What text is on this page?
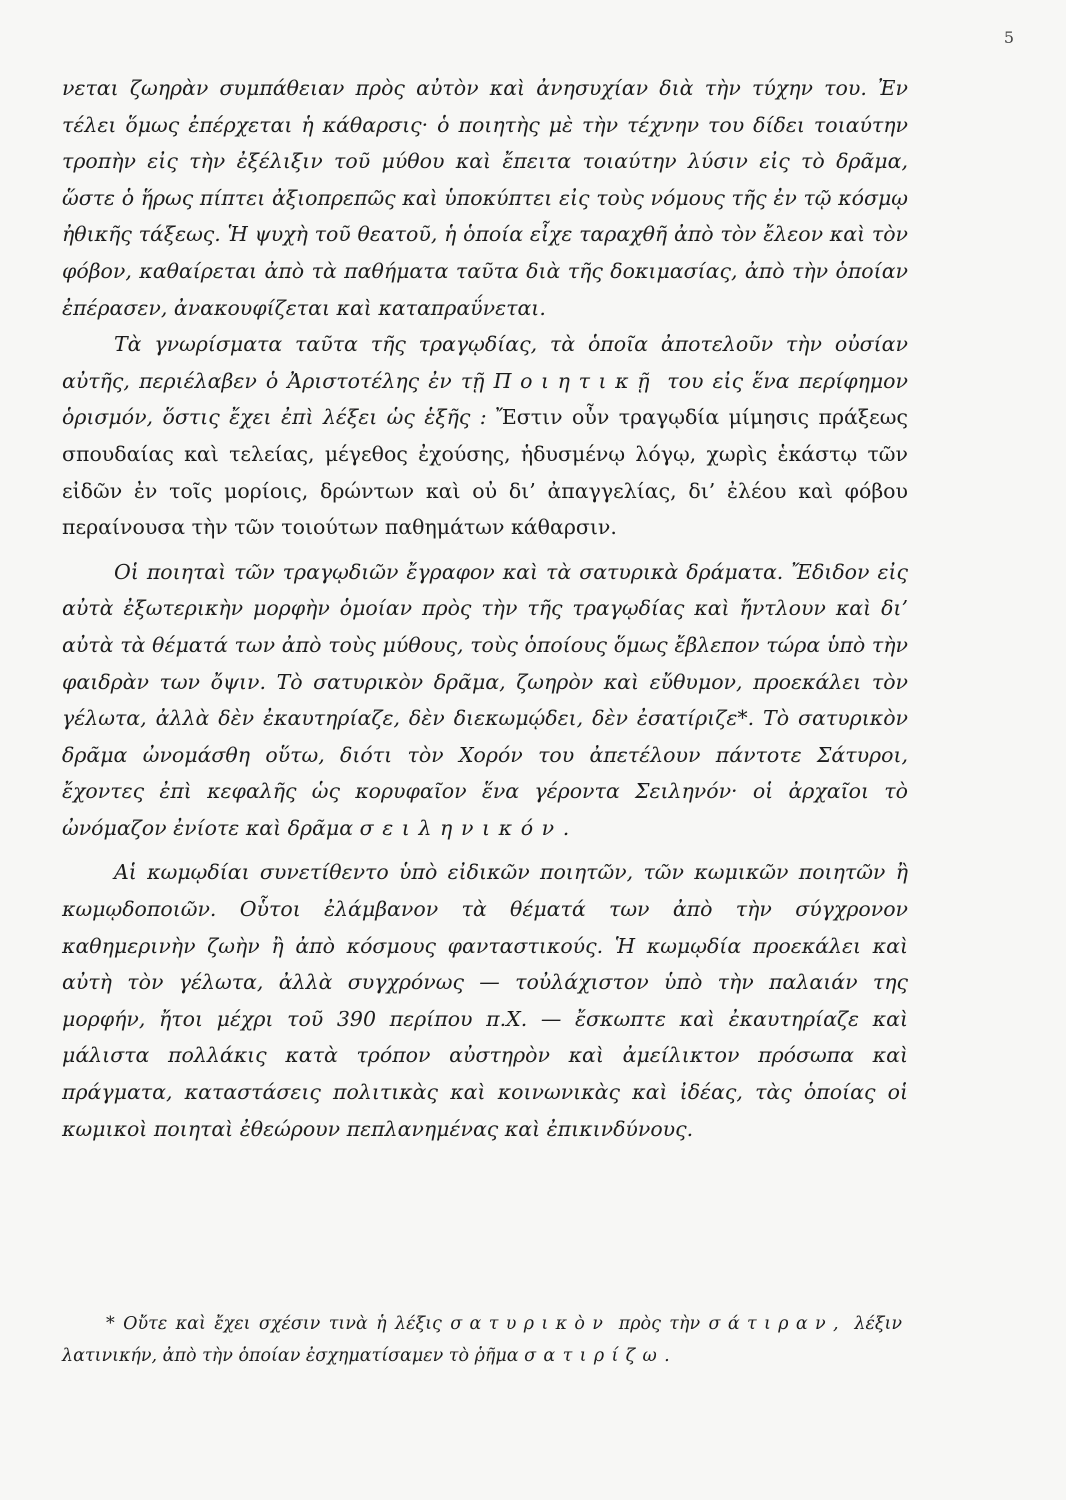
5

νεται ζωηρὰν συμπάθειαν πρὸς αὐτὸν καὶ ἀνησυχίαν διὰ τὴν τύχην του. Ἐν τέλει ὅμως ἐπέρχεται ἡ κάθαρσις· ὁ ποιητὴς μὲ τὴν τέχνην του δίδει τοιαύτην τροπὴν εἰς τὴν ἐξέλιξιν τοῦ μύθου καὶ ἔπειτα τοιαύτην λύσιν εἰς τὸ δρᾶμα, ὥστε ὁ ἥρως πίπτει ἀξιοπρεπῶς καὶ ὑποκύπτει εἰς τοὺς νόμους τῆς ἐν τῷ κόσμῳ ἠθικῆς τάξεως. Ἡ ψυχὴ τοῦ θεατοῦ, ἡ ὁποία εἶχε ταραχθῆ ἀπὸ τὸν ἔλεον καὶ τὸν φόβον, καθαίρεται ἀπὸ τὰ παθήματα ταῦτα διὰ τῆς δοκιμασίας, ἀπὸ τὴν ὁποίαν ἐπέρασεν, ἀνακουφίζεται καὶ καταπραΰνεται.

Τὰ γνωρίσματα ταῦτα τῆς τραγῳδίας, τὰ ὁποῖα ἀποτελοῦν τὴν οὐσίαν αὐτῆς, περιέλαβεν ὁ Ἀριστοτέλης ἐν τῇ Ποιητικῇ του εἰς ἕνα περίφημον ὁρισμόν, ὅστις ἔχει ἐπὶ λέξει ὡς ἑξῆς : Ἔστιν οὖν τραγῳδία μίμησις πράξεως σπουδαίας καὶ τελείας, μέγεθος ἐχούσης, ἡδυσμένῳ λόγῳ, χωρὶς ἑκάστῳ τῶν εἰδῶν ἐν τοῖς μορίοις, δρώντων καὶ οὐ δι’ ἀπαγγελίας, δι’ ἐλέου καὶ φόβου περαίνουσα τὴν τῶν τοιούτων παθημάτων κάθαρσιν.

Οἱ ποιηταὶ τῶν τραγῳδιῶν ἔγραφον καὶ τὰ σατυρικὰ δράματα. Ἔδιδον εἰς αὐτὰ ἐξωτερικὴν μορφὴν ὁμοίαν πρὸς τὴν τῆς τραγῳδίας καὶ ἤντλουν καὶ δι’ αὐτὰ τὰ θέματά των ἀπὸ τοὺς μύθους, τοὺς ὁποίους ὅμως ἔβλεπον τώρα ὑπὸ τὴν φαιδρὰν των ὄψιν. Τὸ σατυρικὸν δρᾶμα, ζωηρὸν καὶ εὔθυμον, προεκάλει τὸν γέλωτα, ἀλλὰ δὲν ἐκαυτηρίαζε, δὲν διεκωμῴδει, δὲν ἐσατίριζε*. Τὸ σατυρικὸν δρᾶμα ὠνομάσθη οὕτω, διότι τὸν Χορόν του ἀπετέλουν πάντοτε Σάτυροι, ἔχοντες ἐπὶ κεφαλῆς ὡς κορυφαῖον ἕνα γέροντα Σειληνόν· οἱ ἀρχαῖοι τὸ ὠνόμαζον ἐνίοτε καὶ δρᾶμα σειληνικόν.

Αἱ κωμῳδίαι συνετίθεντο ὑπὸ εἰδικῶν ποιητῶν, τῶν κωμικῶν ποιητῶν ἢ κωμῳδοποιῶν. Οὗτοι ἐλάμβανον τὰ θέματά των ἀπὸ τὴν σύγχρονον καθημερινὴν ζωὴν ἢ ἀπὸ κόσμους φανταστικούς. Ἡ κωμῳδία προεκάλει καὶ αὐτὴ τὸν γέλωτα, ἀλλὰ συγχρόνως — τοὐλάχιστον ὑπὸ τὴν παλαιάν της μορφήν, ἤτοι μέχρι τοῦ 390 περίπου π.Χ. — ἔσκωπτε καὶ ἐκαυτηρίαζε καὶ μάλιστα πολλάκις κατὰ τρόπον αὐστηρὸν καὶ ἀμείλικτον πρόσωπα καὶ πράγματα, καταστάσεις πολιτικὰς καὶ κοινωνικὰς καὶ ἰδέας, τὰς ὁποίας οἱ κωμικοὶ ποιηταὶ ἐθεώρουν πεπλανημένας καὶ ἐπικινδύνους.

* Οὔτε καὶ ἔχει σχέσιν τινὰ ἡ λέξις σατυρικὸν πρὸς τὴν σάτιραν, λέξιν λατινικήν, ἀπὸ τὴν ὁποίαν ἐσχηματίσαμεν τὸ ῥῆμα σατιρίζω.
